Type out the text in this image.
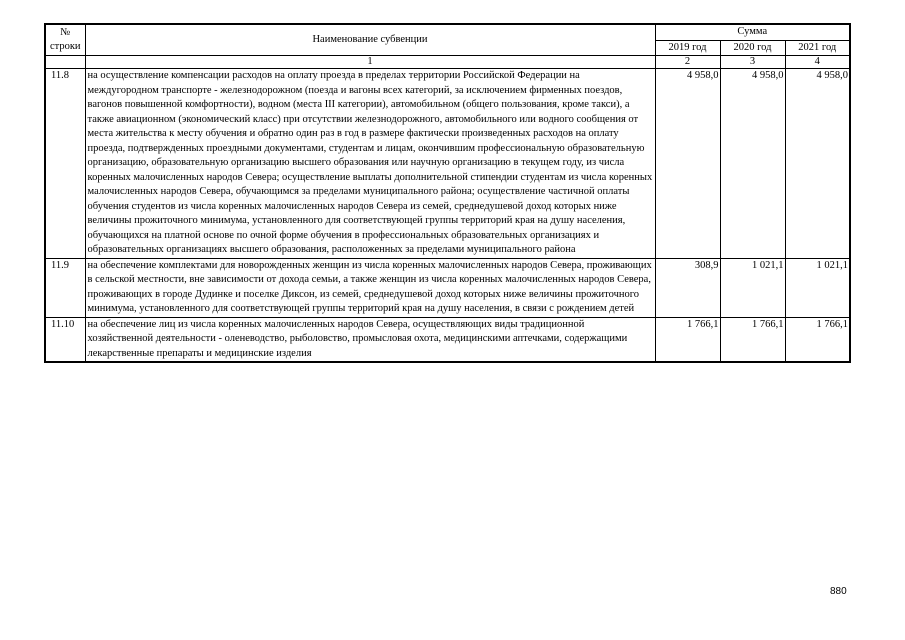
№
строки	Наименование субвенции	Сумма		
		2019 год	2020 год	2021 год
	1	2	3	4
11.8	на осуществление компенсации расходов на оплату проезда в пределах территории Российской Федерации на междугородном транспорте - железнодорожном (поезда и вагоны всех категорий, за исключением фирменных поездов, вагонов повышенной комфортности), водном (места III категории), автомобильном (общего пользования, кроме такси), а также авиационном (экономический класс) при отсутствии железнодорожного, автомобильного или водного сообщения от места жительства к месту обучения и обратно один раз в год в размере фактически произведенных расходов на оплату проезда, подтвержденных проездными документами, студентам и лицам, окончившим профессиональную образовательную организацию, образовательную организацию высшего образования или научную организацию в текущем году, из числа коренных малочисленных народов Севера; осуществление выплаты дополнительной стипендии студентам из числа коренных малочисленных народов Севера, обучающимся за пределами муниципального района; осуществление частичной оплаты обучения студентов из числа коренных малочисленных народов Севера из семей, среднедушевой доход которых ниже величины прожиточного минимума, установленного для соответствующей группы территорий края на душу населения, обучающихся на платной основе по очной форме обучения в профессиональных образовательных организациях и образовательных организациях высшего образования, расположенных за пределами муниципального района	4 958,0	4 958,0	4 958,0
11.9	на обеспечение комплектами для новорожденных женщин из числа коренных малочисленных народов Севера, проживающих в сельской местности, вне зависимости от дохода семьи, а также женщин из числа коренных малочисленных народов Севера, проживающих в городе Дудинке и поселке Диксон, из семей, среднедушевой доход которых ниже величины прожиточного минимума, установленного для соответствующей группы территорий края на душу населения, в связи с рождением детей	308,9	1 021,1	1 021,1
11.10	на обеспечение лиц из числа коренных малочисленных народов Севера, осуществляющих виды традиционной хозяйственной деятельности - оленеводство, рыболовство, промысловая охота, медицинскими аптечками, содержащими лекарственные препараты и медицинские изделия	1 766,1	1 766,1	1 766,1
880
